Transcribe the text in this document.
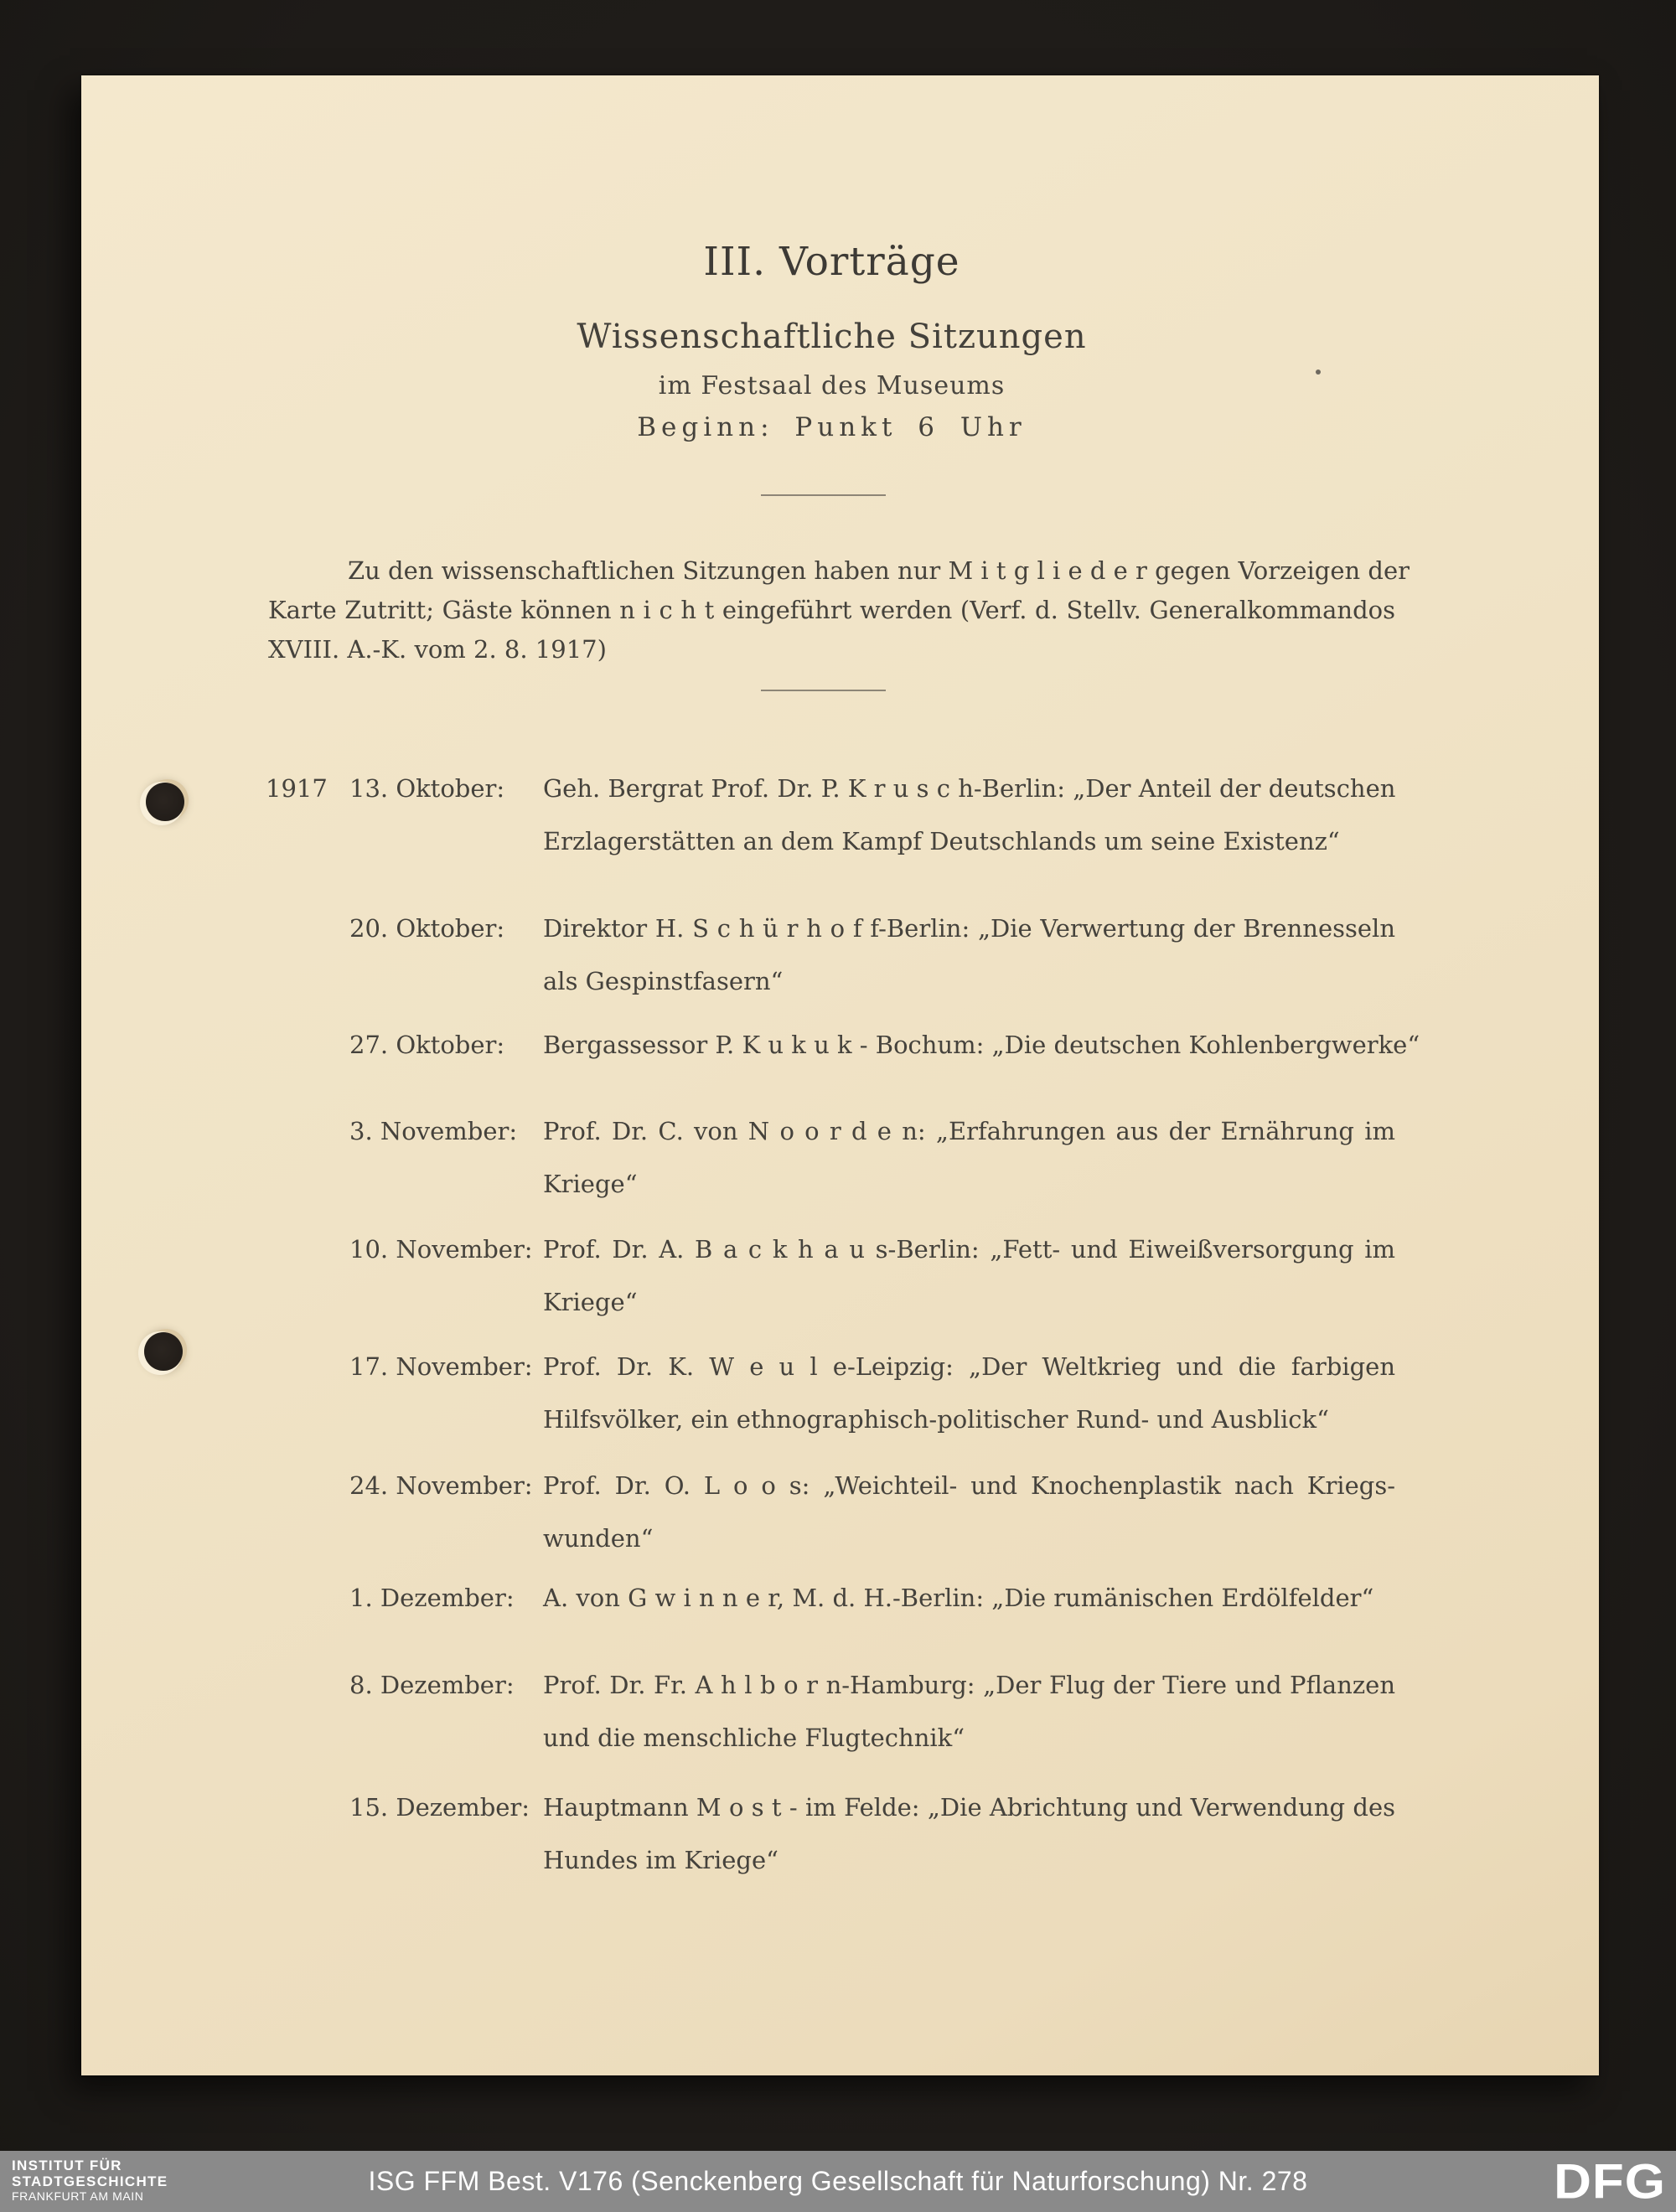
III. Vorträge
Wissenschaftliche Sitzungen
im Festsaal des Museums
Beginn: Punkt 6 Uhr
Zu den wissenschaftlichen Sitzungen haben nur M i t g l i e d e r gegen Vorzeigen der
Karte Zutritt; Gäste können n i c h t eingeführt werden (Verf. d. Stellv. Generalkommandos
XVIII. A.-K. vom 2. 8. 1917)
1917 13. Oktober: Geh. Bergrat Prof. Dr. P. K r u s c h-Berlin: „Der Anteil der deutschen
Erzlagerstätten an dem Kampf Deutschlands um seine Existenz“
20. Oktober: Direktor H. S c h ü r h o f f-Berlin: „Die Verwertung der Brennesseln
als Gespinstfasern“
27. Oktober: Bergassessor P. K u k u k - Bochum: „Die deutschen Kohlenbergwerke“
3. November: Prof. Dr. C. von N o o r d e n: „Erfahrungen aus der Ernährung im
Kriege“
10. November: Prof. Dr. A. B a c k h a u s-Berlin: „Fett- und Eiweißversorgung im
Kriege“
17. November: Prof. Dr. K. W e u l e-Leipzig: „Der Weltkrieg und die farbigen
Hilfsvölker, ein ethnographisch-politischer Rund- und Ausblick“
24. November: Prof. Dr. O. L o o s: „Weichteil- und Knochenplastik nach Kriegs-
wunden“
1. Dezember: A. von G w i n n e r, M. d. H.-Berlin: „Die rumänischen Erdölfelder“
8. Dezember: Prof. Dr. Fr. A h l b o r n-Hamburg: „Der Flug der Tiere und Pflanzen
und die menschliche Flugtechnik“
15. Dezember: Hauptmann M o s t - im Felde: „Die Abrichtung und Verwendung des
Hundes im Kriege“
INSTITUT FÜR
STADTGESCHICHTE
FRANKFURT AM MAIN	ISG FFM Best. V176 (Senckenberg Gesellschaft für Naturforschung) Nr. 278	DFG
